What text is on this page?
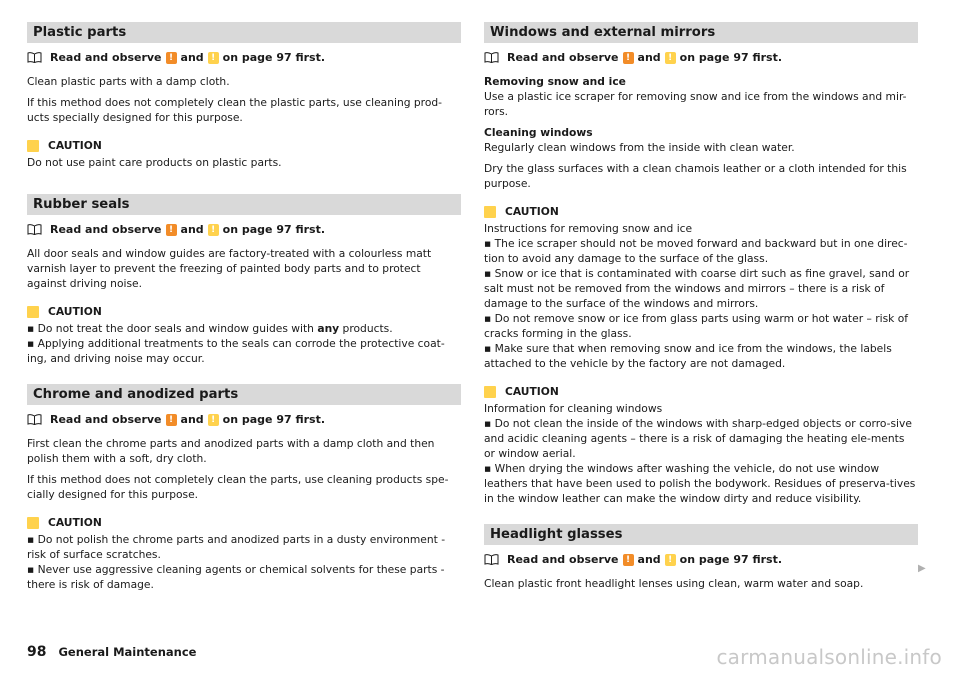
Plastic parts
Read and observe ! and ! on page 97 first.

Clean plastic parts with a damp cloth.

If this method does not completely clean the plastic parts, use cleaning prod-ucts specially designed for this purpose.

CAUTION

Do not use paint care products on plastic parts.

Rubber seals
Read and observe ! and ! on page 97 first.

All door seals and window guides are factory-treated with a colourless matt varnish layer to prevent the freezing of painted body parts and to protect against driving noise.

CAUTION

▪ Do not treat the door seals and window guides with any products.

▪ Applying additional treatments to the seals can corrode the protective coat-ing, and driving noise may occur.

Chrome and anodized parts
Read and observe ! and ! on page 97 first.

First clean the chrome parts and anodized parts with a damp cloth and then polish them with a soft, dry cloth.

If this method does not completely clean the parts, use cleaning products spe-cially designed for this purpose.

CAUTION

▪ Do not polish the chrome parts and anodized parts in a dusty environment - risk of surface scratches.

▪ Never use aggressive cleaning agents or chemical solvents for these parts - there is risk of damage.

Windows and external mirrors
Read and observe ! and ! on page 97 first.

Removing snow and ice

Use a plastic ice scraper for removing snow and ice from the windows and mir-rors.

Cleaning windows

Regularly clean windows from the inside with clean water.

Dry the glass surfaces with a clean chamois leather or a cloth intended for this purpose.

CAUTION

Instructions for removing snow and ice

▪ The ice scraper should not be moved forward and backward but in one direc-tion to avoid any damage to the surface of the glass.

▪ Snow or ice that is contaminated with coarse dirt such as fine gravel, sand or salt must not be removed from the windows and mirrors – there is a risk of damage to the surface of the windows and mirrors.

▪ Do not remove snow or ice from glass parts using warm or hot water – risk of cracks forming in the glass.

▪ Make sure that when removing snow and ice from the windows, the labels attached to the vehicle by the factory are not damaged.

CAUTION

Information for cleaning windows

▪ Do not clean the inside of the windows with sharp-edged objects or corro-sive and acidic cleaning agents – there is a risk of damaging the heating ele-ments or window aerial.

▪ When drying the windows after washing the vehicle, do not use window leathers that have been used to polish the bodywork. Residues of preserva-tives in the window leather can make the window dirty and reduce visibility.

Headlight glasses
Read and observe ! and ! on page 97 first.

Clean plastic front headlight lenses using clean, warm water and soap.

▶
98 General Maintenance	carmanualsonline.info
